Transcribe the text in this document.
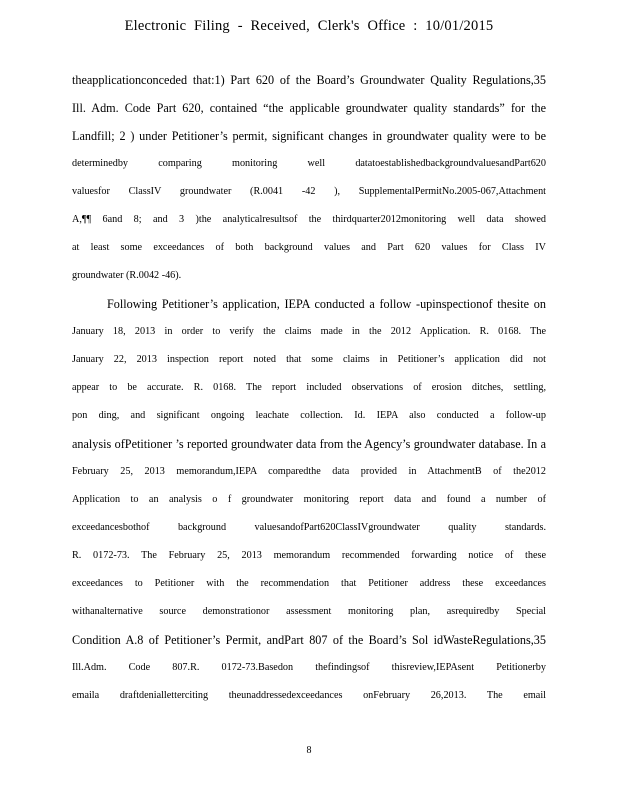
Electronic Filing - Received, Clerk's Office : 10/01/2015
theapplicationconceded that:1) Part 620 of the Board’s Groundwater Quality Regulations,35
Ill. Adm. Code Part 620, contained “the applicable groundwater quality standards” for the
Landfill; 2 ) under Petitioner’s permit, significant changes in groundwater quality were to be
determinedby comparing monitoring well datatoestablishedbackgroundvaluesandPart620
valuesfor ClassIV groundwater (R.0041 -42 ), SupplementalPermitNo.2005-067,Attachment
A,¶¶ 6and 8; and 3 )the analyticalresultsof the thirdquarter2012monitoring well data showed
at least some exceedances of both background values and Part 620 values for Class IV
groundwater (R.0042 -46).
Following Petitioner’s application, IEPA conducted a follow -upinspectionof thesite on
January 18, 2013 in order to verify the claims made in the 2012 Application. R. 0168. The
January 22, 2013 inspection report noted that some claims in Petitioner’s application did not
appear to be accurate. R. 0168. The report included observations of erosion ditches, settling,
pon ding, and significant ongoing leachate collection. Id. IEPA also conducted a follow-up
analysis ofPetitioner ’s reported groundwater data from the Agency’s groundwater database. In a
February 25, 2013 memorandum,IEPA comparedthe data provided in AttachmentB of the2012
Application to an analysis o f groundwater monitoring report data and found a number of
exceedancesbothof background valuesandofPart620ClassIVgroundwater quality standards.
R. 0172-73. The February 25, 2013 memorandum recommended forwarding notice of these
exceedances to Petitioner with the recommendation that Petitioner address these exceedances
withanalternative source demonstrationor assessment monitoring plan, asrequiredby Special
Condition A.8 of Petitioner’s Permit, andPart 807 of the Board’s Sol idWasteRegulations,35
Ill.Adm. Code 807.R. 0172-73.Basedon thefindingsof thisreview,IEPAsent Petitionerby
emaila draftdenialletterciting theunaddressedexceedances onFebruary 26,2013. The email
8
